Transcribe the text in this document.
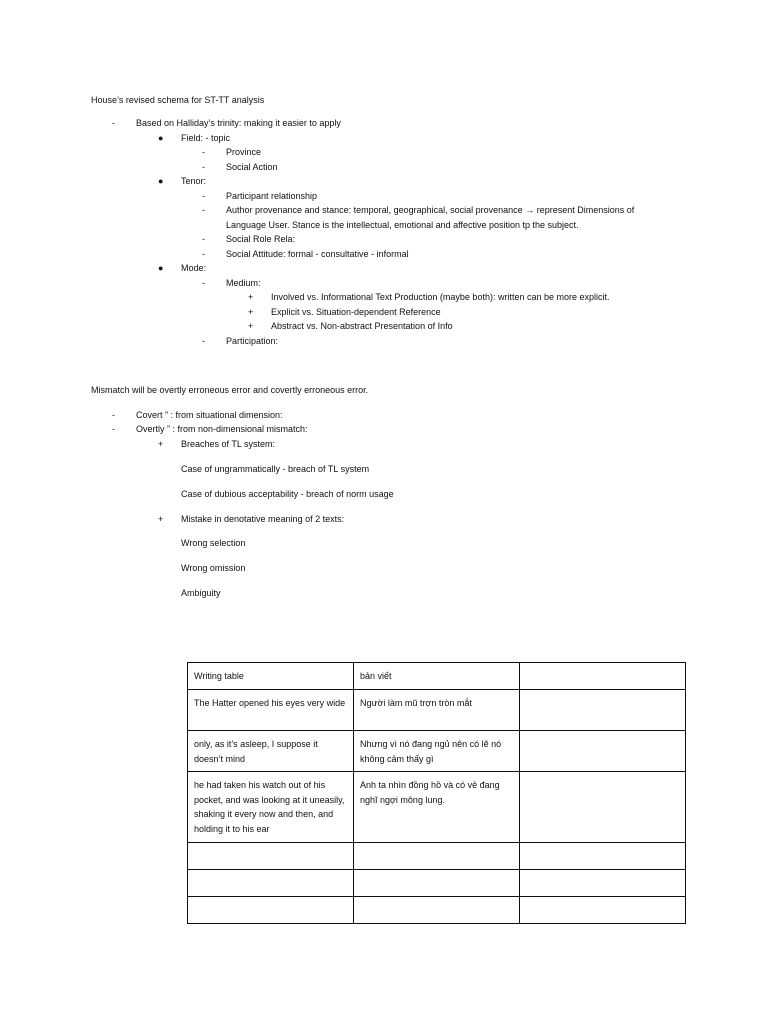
House’s revised schema for ST-TT analysis
-	Based on Halliday’s trinity: making it easier to apply
●	Field: - topic
-	Province
-	Social Action
●	Tenor:
-	Participant relationship
-	Author provenance and stance: temporal, geographical, social provenance → represent Dimensions of
Language User. Stance is the intellectual, emotional and affective position tp the subject.
-	Social Role Rela:
-	Social Attitude: formal - consultative - informal
●	Mode:
-	Medium:
+	Involved vs. Informational Text Production (maybe both): written can be more explicit.
+	Explicit vs. Situation-dependent Reference
+	Abstract vs. Non-abstract Presentation of Info
-	Participation:
Mismatch will be overtly erroneous error and covertly erroneous error.
-	Covert ” : from situational dimension:
-	Overtly ” : from non-dimensional mismatch:
+	Breaches of TL system:
Case of ungrammatically - breach of TL system
Case of dubious acceptability - breach of norm usage
+	Mistake in denotative meaning of 2 texts:
Wrong selection
Wrong omission
Ambiguity
Writing table	bản viết	
The Hatter opened his eyes very wide	Người làm mũ trợn tròn mắt	
only, as it’s asleep, I suppose it doesn’t mind	Nhưng vì nó đang ngủ nên có lẽ nó không cảm thấy gì	
he had taken his watch out of his pocket, and was looking at it uneasily, shaking it every now and then, and holding it to his ear	Anh ta nhìn đồng hồ và có vẻ đang nghĩ ngợi mông lung.	
